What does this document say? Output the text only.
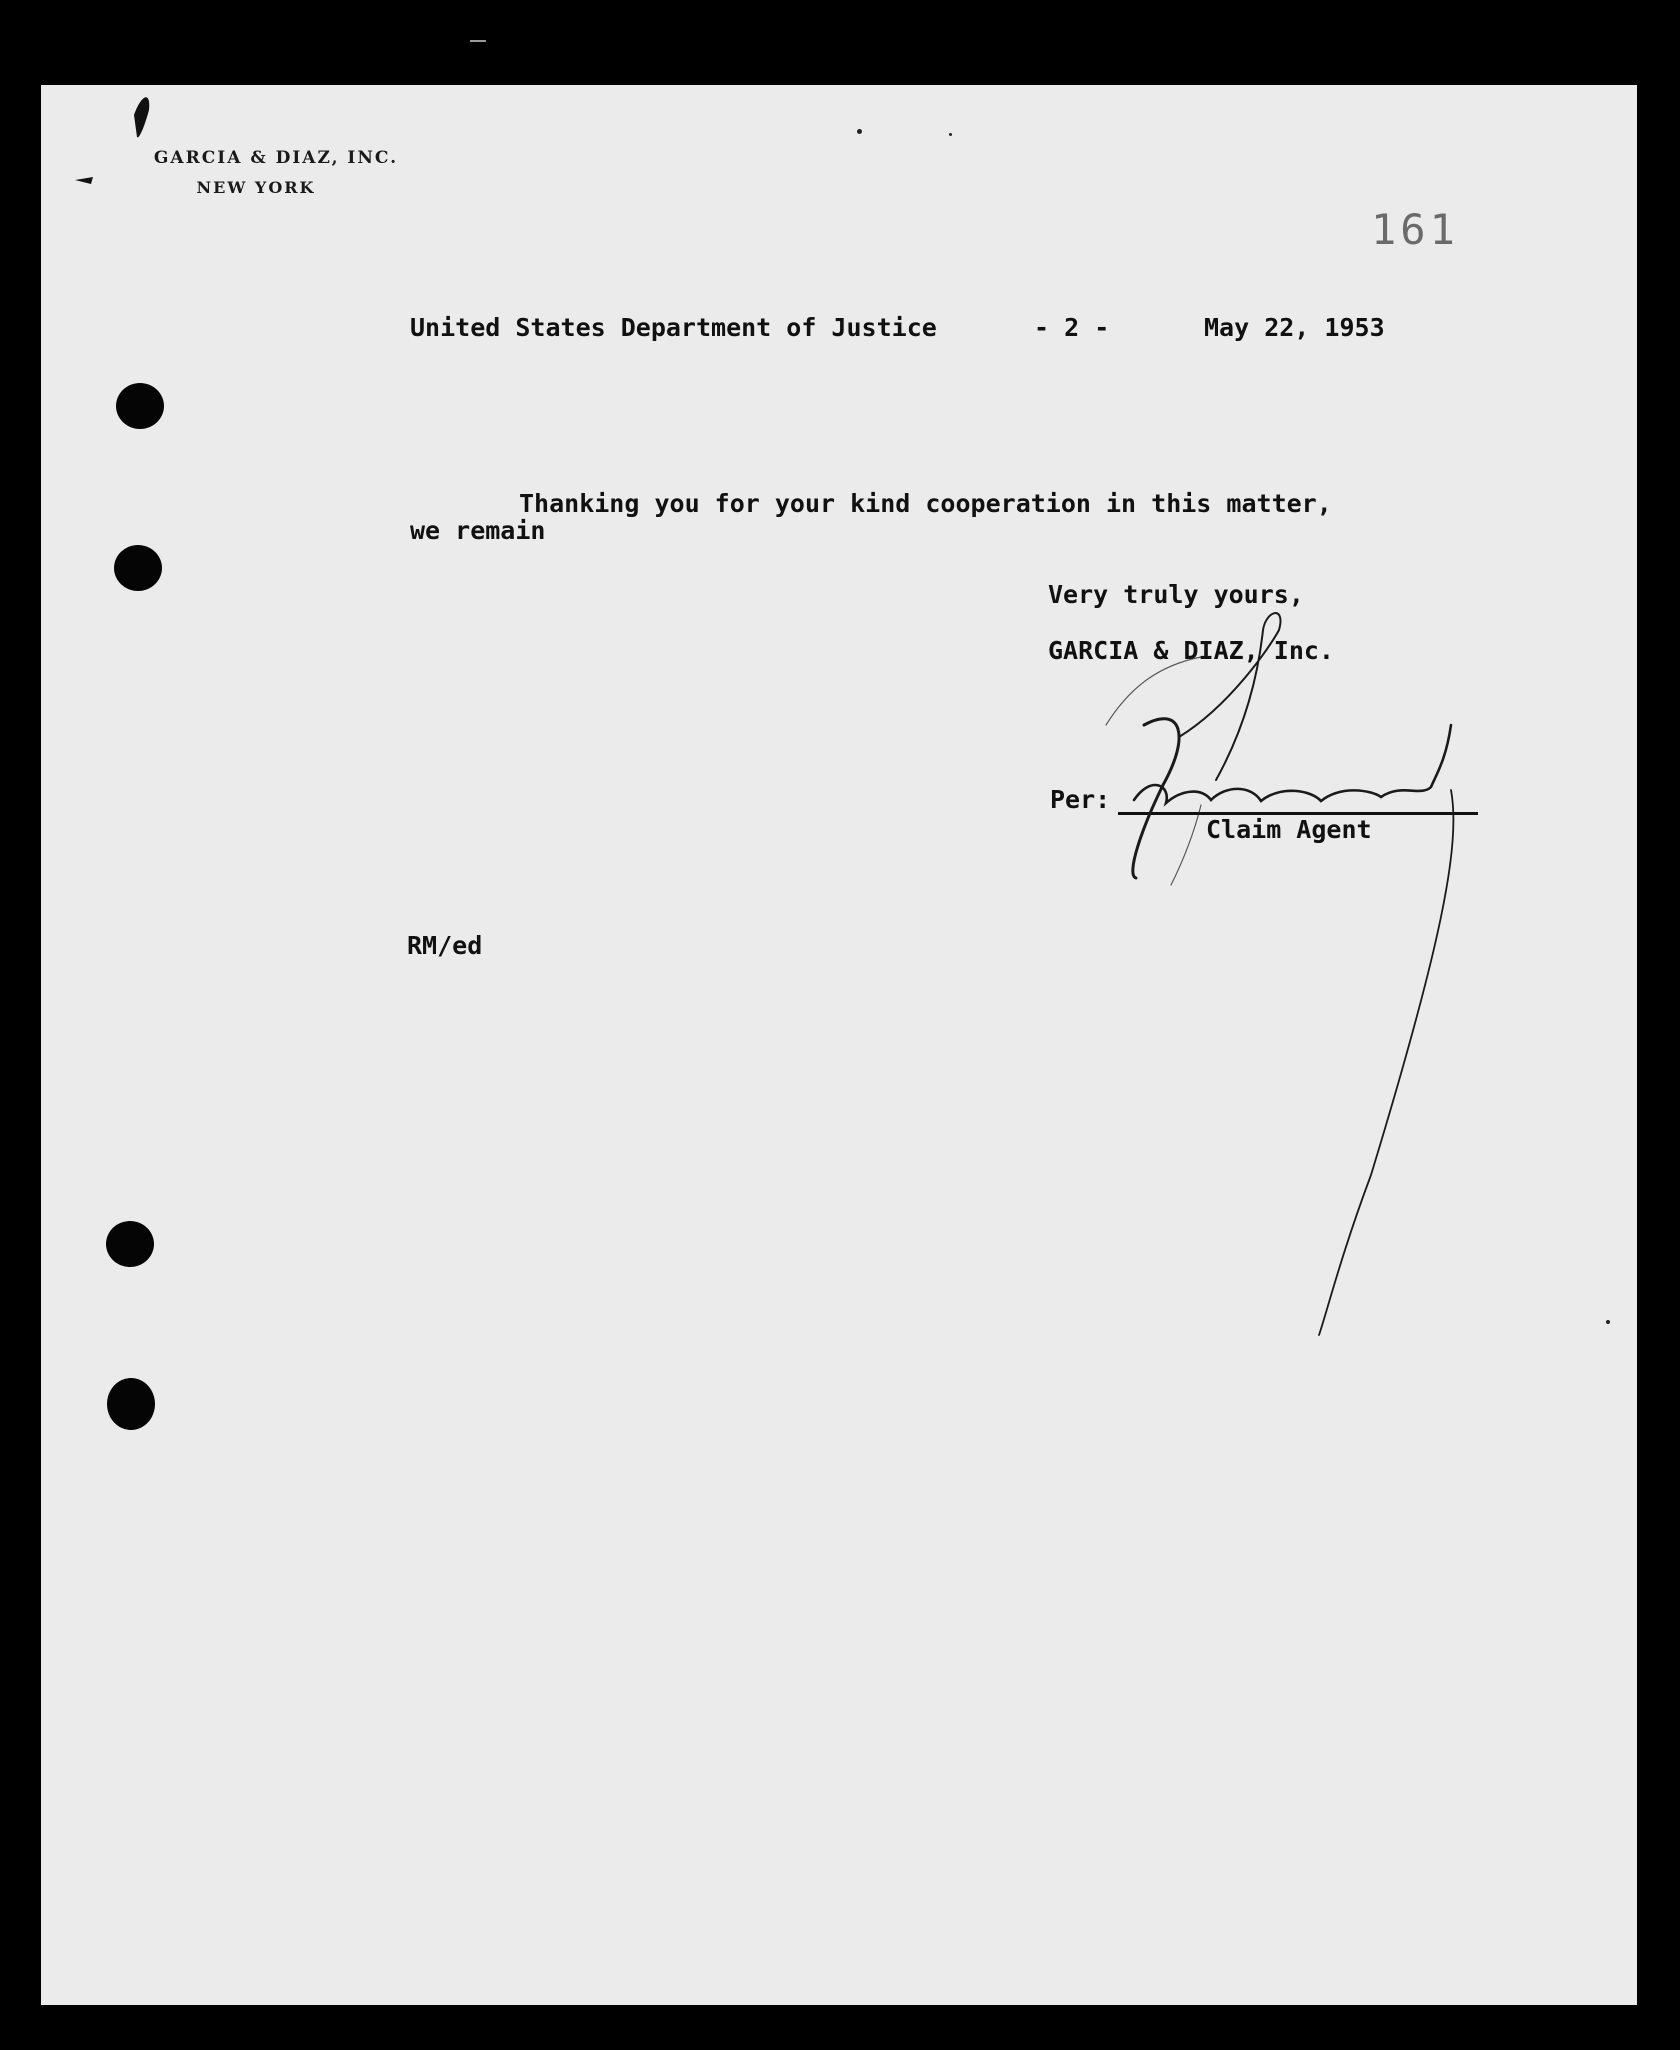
GARCIA & DIAZ, INC.
NEW YORK
161
United States Department of Justice	- 2 -	May 22, 1953
Thanking you for your kind cooperation in this matter,
we remain
Very truly yours,
GARCIA & DIAZ, Inc.
Per:
Claim Agent
RM/ed
